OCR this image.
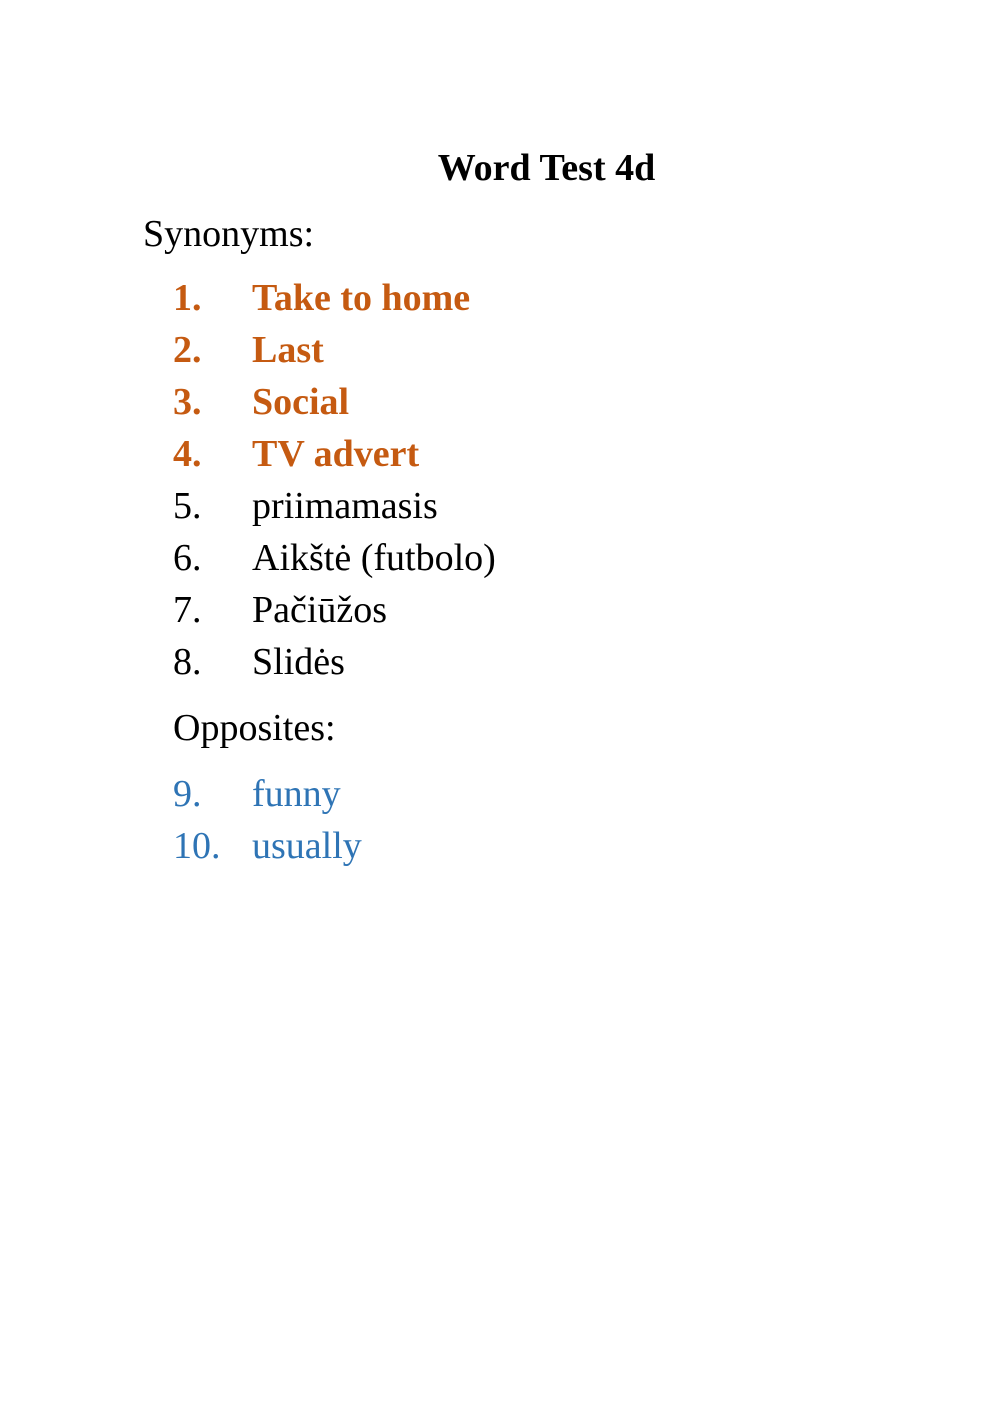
Word Test 4d
Synonyms:
1. Take to home
2. Last
3. Social
4. TV advert
5. priimamasis
6. Aikštė (futbolo)
7. Pačiūžos
8. Slidės
Opposites:
9. funny
10. usually
